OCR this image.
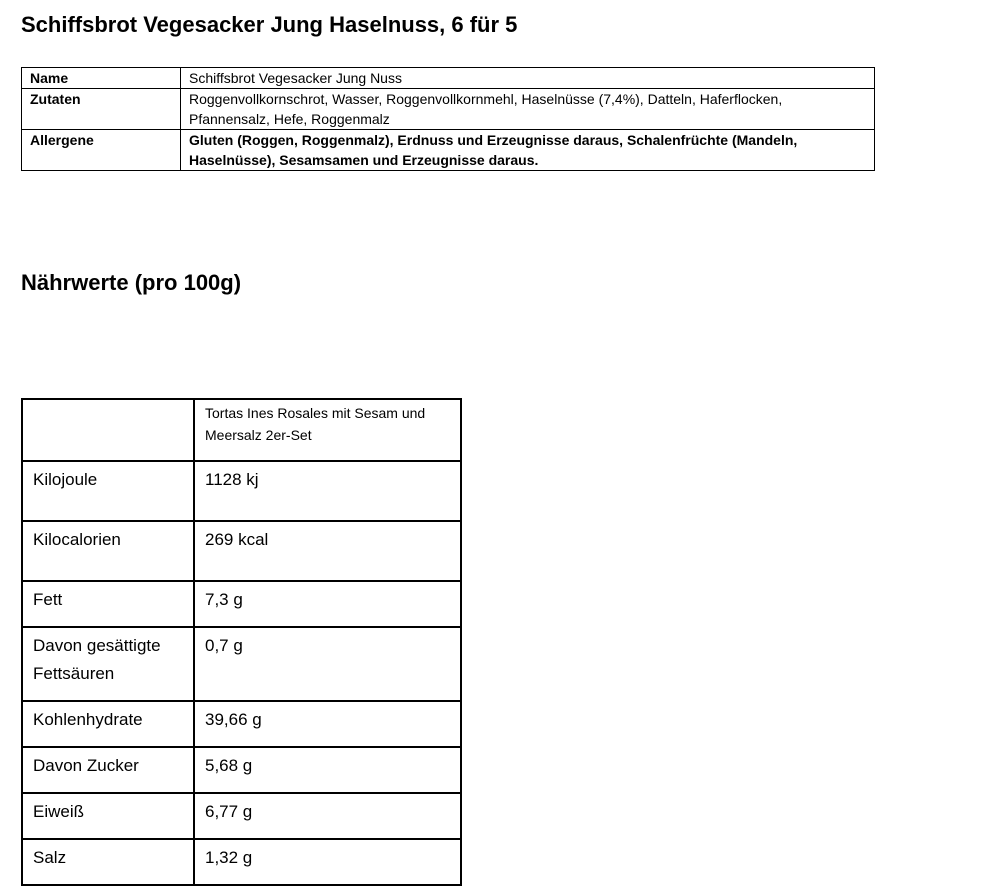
Schiffsbrot Vegesacker Jung Haselnuss, 6 für 5
Name	Schiffsbrot Vegesacker Jung Nuss
Zutaten	Roggenvollkornschrot, Wasser, Roggenvollkornmehl, Haselnüsse (7,4%), Datteln, Haferflocken, Pfannensalz, Hefe, Roggenmalz
Allergene	Gluten (Roggen, Roggenmalz), Erdnuss und Erzeugnisse daraus, Schalenfrüchte (Mandeln, Haselnüsse), Sesamsamen und Erzeugnisse daraus.
Nährwerte (pro 100g)
	Tortas Ines Rosales mit Sesam und Meersalz 2er-Set
Kilojoule	1128 kj
Kilocalorien	269 kcal
Fett	7,3 g
Davon gesättigte Fettsäuren	0,7 g
Kohlenhydrate	39,66 g
Davon Zucker	5,68 g
Eiweiß	6,77 g
Salz	1,32 g
